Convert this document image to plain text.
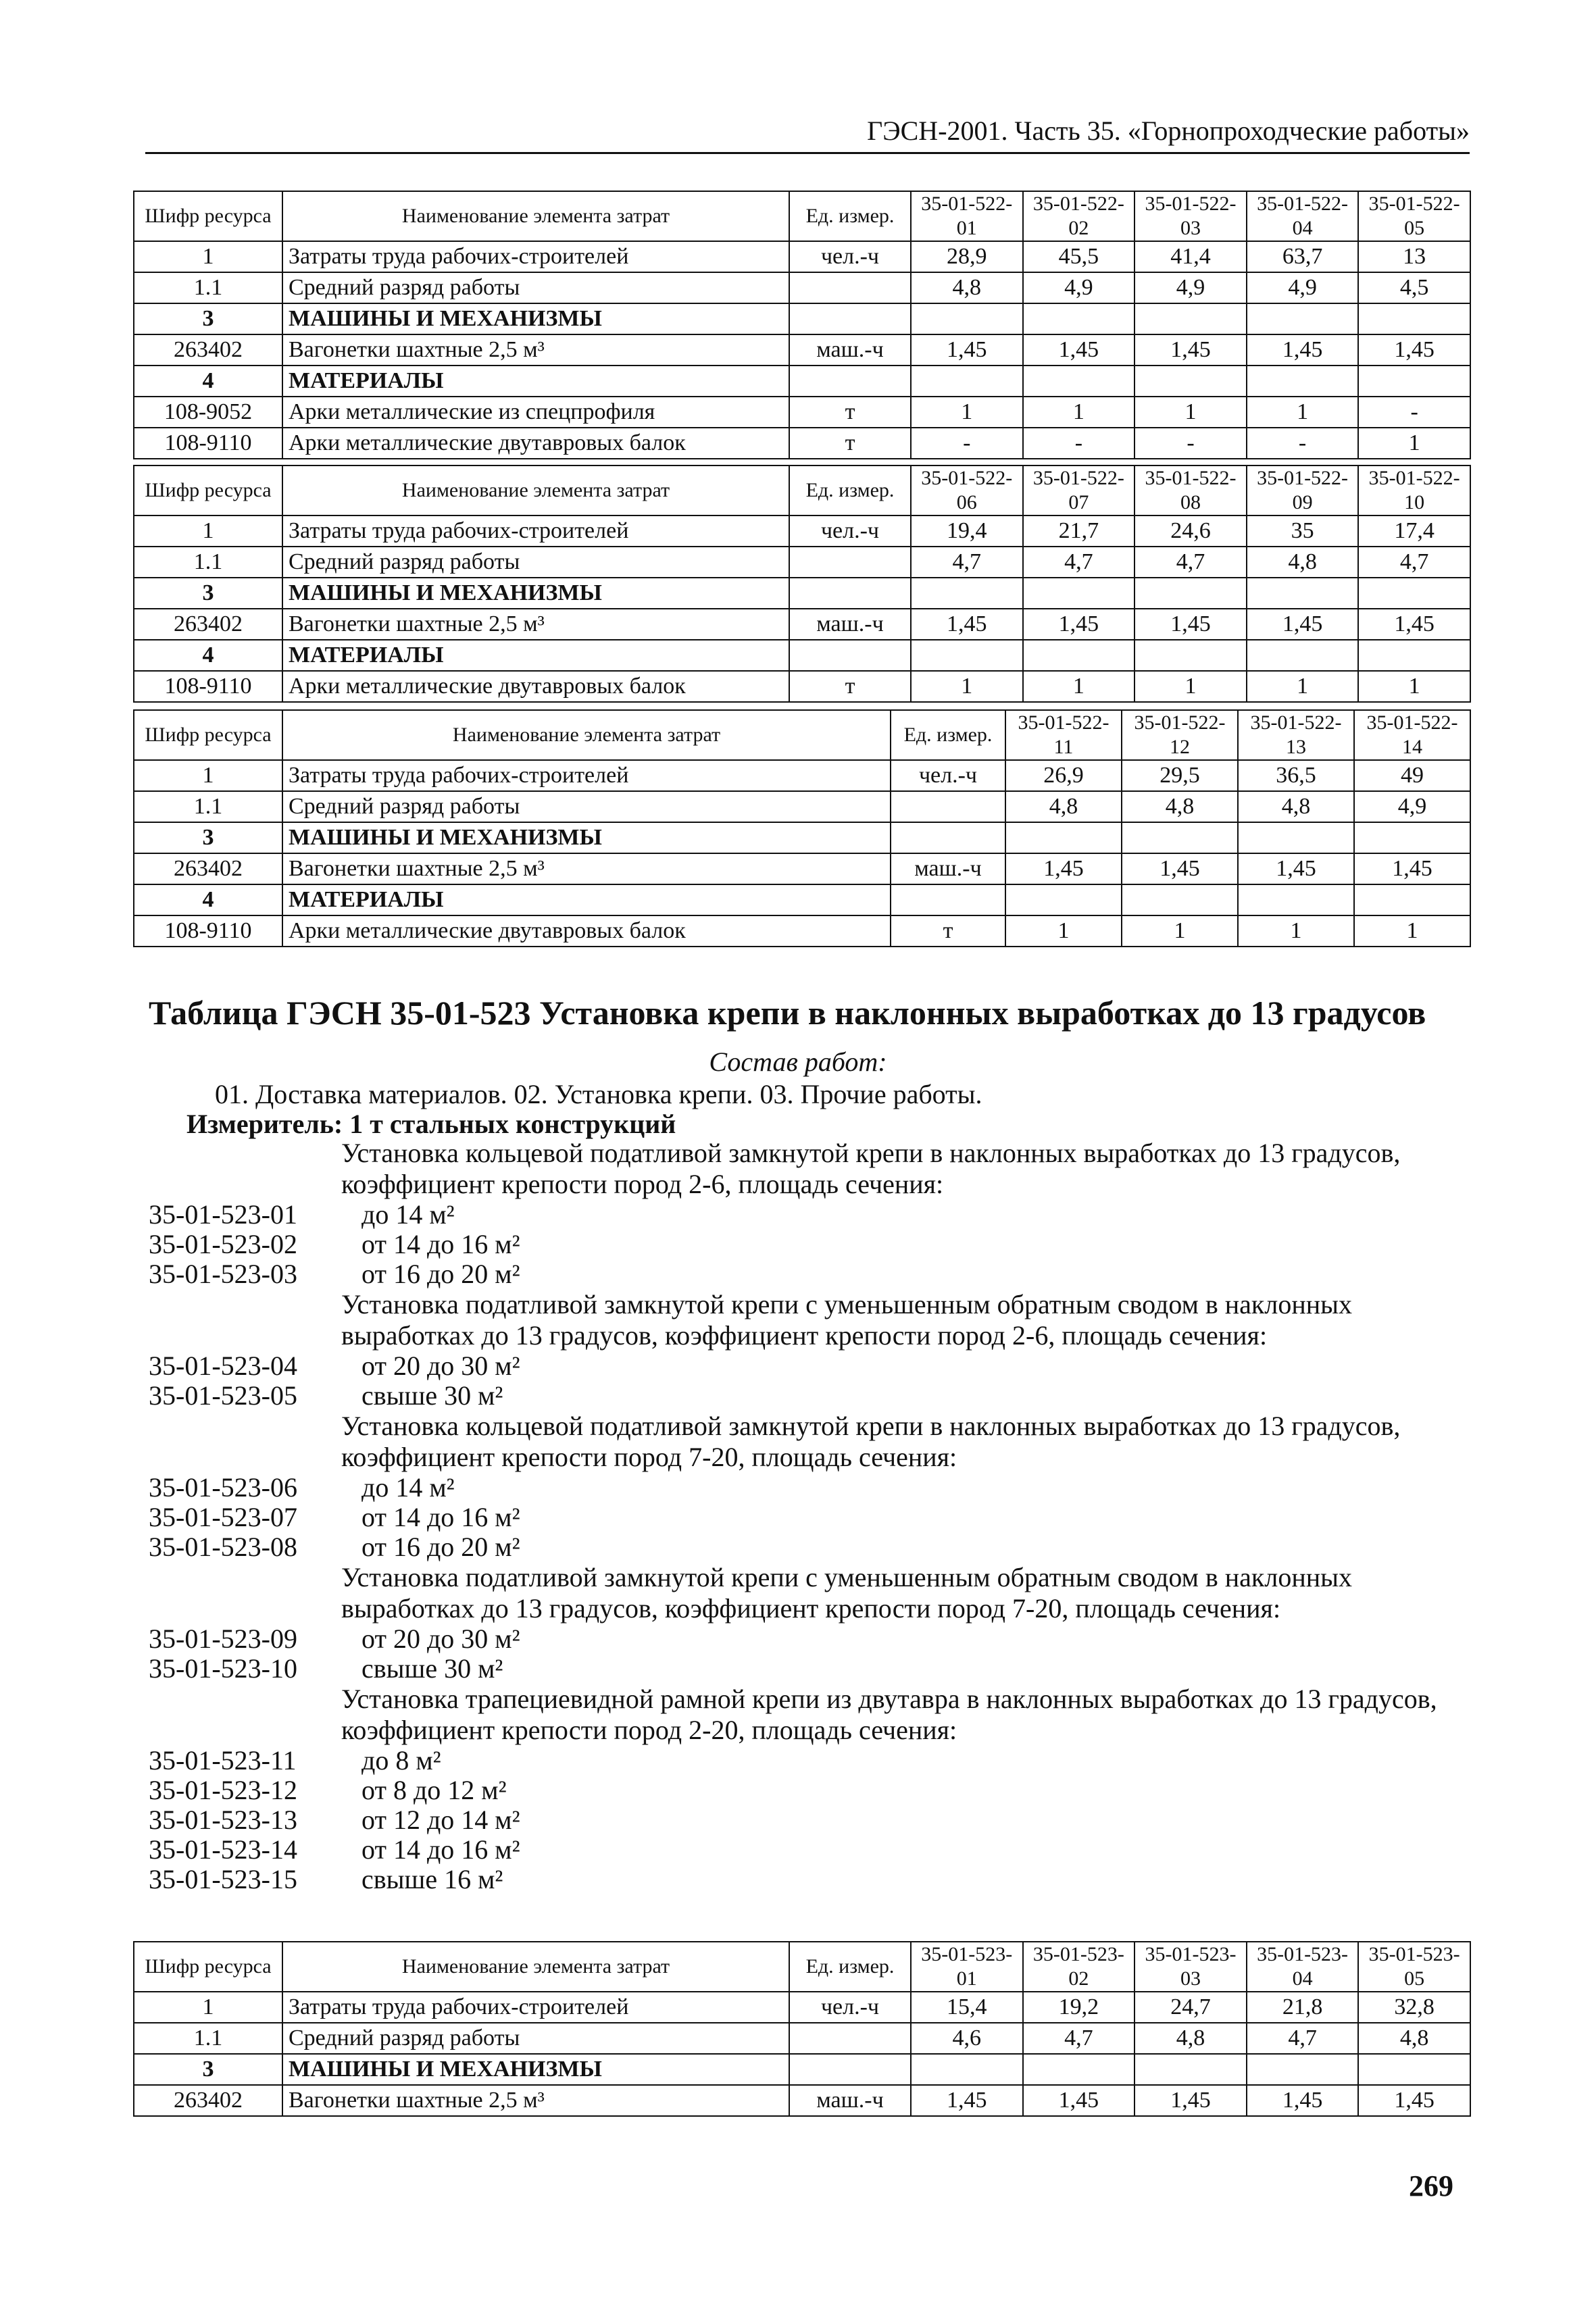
ГЭСН-2001. Часть 35. «Горнопроходческие работы»
Шифр ресурса	Наименование элемента затрат	Ед. измер.	35-01-522-01	35-01-522-02	35-01-522-03	35-01-522-04	35-01-522-05
1	Затраты труда рабочих-строителей	чел.-ч	28,9	45,5	41,4	63,7	13
1.1	Средний разряд работы		4,8	4,9	4,9	4,9	4,5
3	МАШИНЫ И МЕХАНИЗМЫ						
263402	Вагонетки шахтные 2,5 м³	маш.-ч	1,45	1,45	1,45	1,45	1,45
4	МАТЕРИАЛЫ						
108-9052	Арки металлические из спецпрофиля	т	1	1	1	1	-
108-9110	Арки металлические двутавровых балок	т	-	-	-	-	1
Шифр ресурса	Наименование элемента затрат	Ед. измер.	35-01-522-06	35-01-522-07	35-01-522-08	35-01-522-09	35-01-522-10
1	Затраты труда рабочих-строителей	чел.-ч	19,4	21,7	24,6	35	17,4
1.1	Средний разряд работы		4,7	4,7	4,7	4,8	4,7
3	МАШИНЫ И МЕХАНИЗМЫ						
263402	Вагонетки шахтные 2,5 м³	маш.-ч	1,45	1,45	1,45	1,45	1,45
4	МАТЕРИАЛЫ						
108-9110	Арки металлические двутавровых балок	т	1	1	1	1	1
Шифр ресурса	Наименование элемента затрат	Ед. измер.	35-01-522-11	35-01-522-12	35-01-522-13	35-01-522-14
1	Затраты труда рабочих-строителей	чел.-ч	26,9	29,5	36,5	49
1.1	Средний разряд работы		4,8	4,8	4,8	4,9
3	МАШИНЫ И МЕХАНИЗМЫ					
263402	Вагонетки шахтные 2,5 м³	маш.-ч	1,45	1,45	1,45	1,45
4	МАТЕРИАЛЫ					
108-9110	Арки металлические двутавровых балок	т	1	1	1	1
Таблица ГЭСН 35-01-523 Установка крепи в наклонных выработках до 13 градусов
Состав работ:
01. Доставка материалов. 02. Установка крепи. 03. Прочие работы.
Измеритель: 1 т стальных конструкций
Установка кольцевой податливой замкнутой крепи в наклонных выработках до 13 градусов, коэффициент крепости пород 2-6, площадь сечения:
35-01-523-01 до 14 м²
35-01-523-02 от 14 до 16 м²
35-01-523-03 от 16 до 20 м²
Установка податливой замкнутой крепи с уменьшенным обратным сводом в наклонных выработках до 13 градусов, коэффициент крепости пород 2-6, площадь сечения:
35-01-523-04 от 20 до 30 м²
35-01-523-05 свыше 30 м²
Установка кольцевой податливой замкнутой крепи в наклонных выработках до 13 градусов, коэффициент крепости пород 7-20, площадь сечения:
35-01-523-06 до 14 м²
35-01-523-07 от 14 до 16 м²
35-01-523-08 от 16 до 20 м²
Установка податливой замкнутой крепи с уменьшенным обратным сводом в наклонных выработках до 13 градусов, коэффициент крепости пород 7-20, площадь сечения:
35-01-523-09 от 20 до 30 м²
35-01-523-10 свыше 30 м²
Установка трапециевидной рамной крепи из двутавра в наклонных выработках до 13 градусов, коэффициент крепости пород 2-20, площадь сечения:
35-01-523-11 до 8 м²
35-01-523-12 от 8 до 12 м²
35-01-523-13 от 12 до 14 м²
35-01-523-14 от 14 до 16 м²
35-01-523-15 свыше 16 м²
Шифр ресурса	Наименование элемента затрат	Ед. измер.	35-01-523-01	35-01-523-02	35-01-523-03	35-01-523-04	35-01-523-05
1	Затраты труда рабочих-строителей	чел.-ч	15,4	19,2	24,7	21,8	32,8
1.1	Средний разряд работы		4,6	4,7	4,8	4,7	4,8
3	МАШИНЫ И МЕХАНИЗМЫ						
263402	Вагонетки шахтные 2,5 м³	маш.-ч	1,45	1,45	1,45	1,45	1,45
269
